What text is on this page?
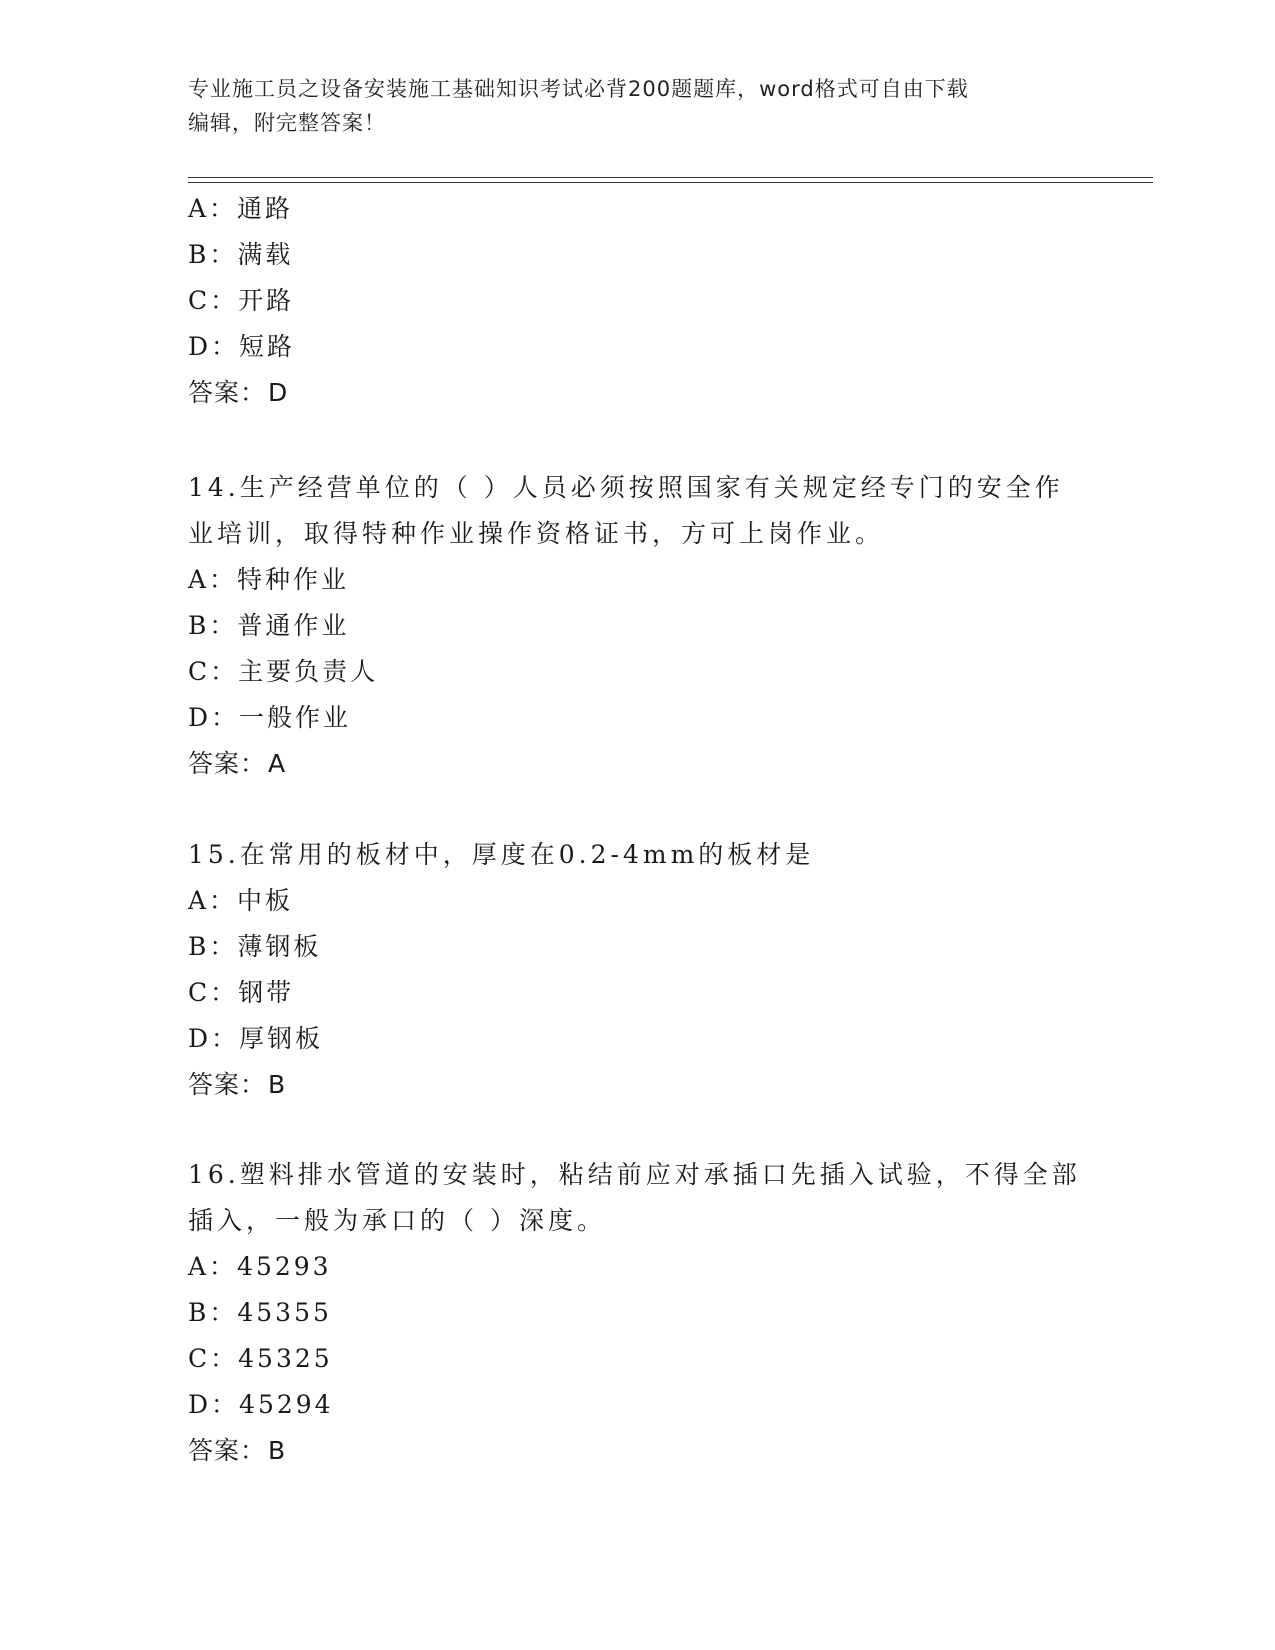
专业施工员之设备安装施工基础知识考试必背200题题库，word格式可自由下载
编辑，附完整答案！
A：通路
B：满载
C：开路
D：短路
答案：D
14.生产经营单位的（ ）人员必须按照国家有关规定经专门的安全作
业培训，取得特种作业操作资格证书，方可上岗作业。
A：特种作业
B：普通作业
C：主要负责人
D：一般作业
答案：A
15.在常用的板材中，厚度在0.2-4mm的板材是
A：中板
B：薄钢板
C：钢带
D：厚钢板
答案：B
16.塑料排水管道的安装时，粘结前应对承插口先插入试验，不得全部
插入，一般为承口的（ ）深度。
A：45293
B：45355
C：45325
D：45294
答案：B
